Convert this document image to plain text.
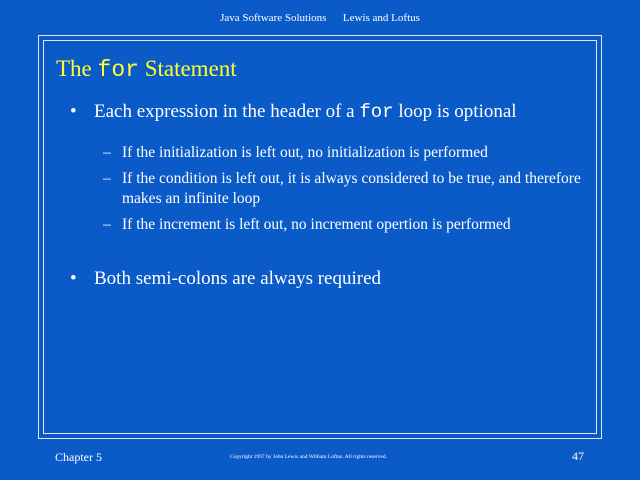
Java Software Solutions Lewis and Loftus
The for Statement
• Each expression in the header of a for loop is optional
– If the initialization is left out, no initialization is performed
– If the condition is left out, it is always considered to be true, and therefore makes an infinite loop
– If the increment is left out, no increment opertion is performed
• Both semi-colons are always required
Chapter 5	Copyright 1997 by John Lewis and William Loftus. All rights reserved.	47
